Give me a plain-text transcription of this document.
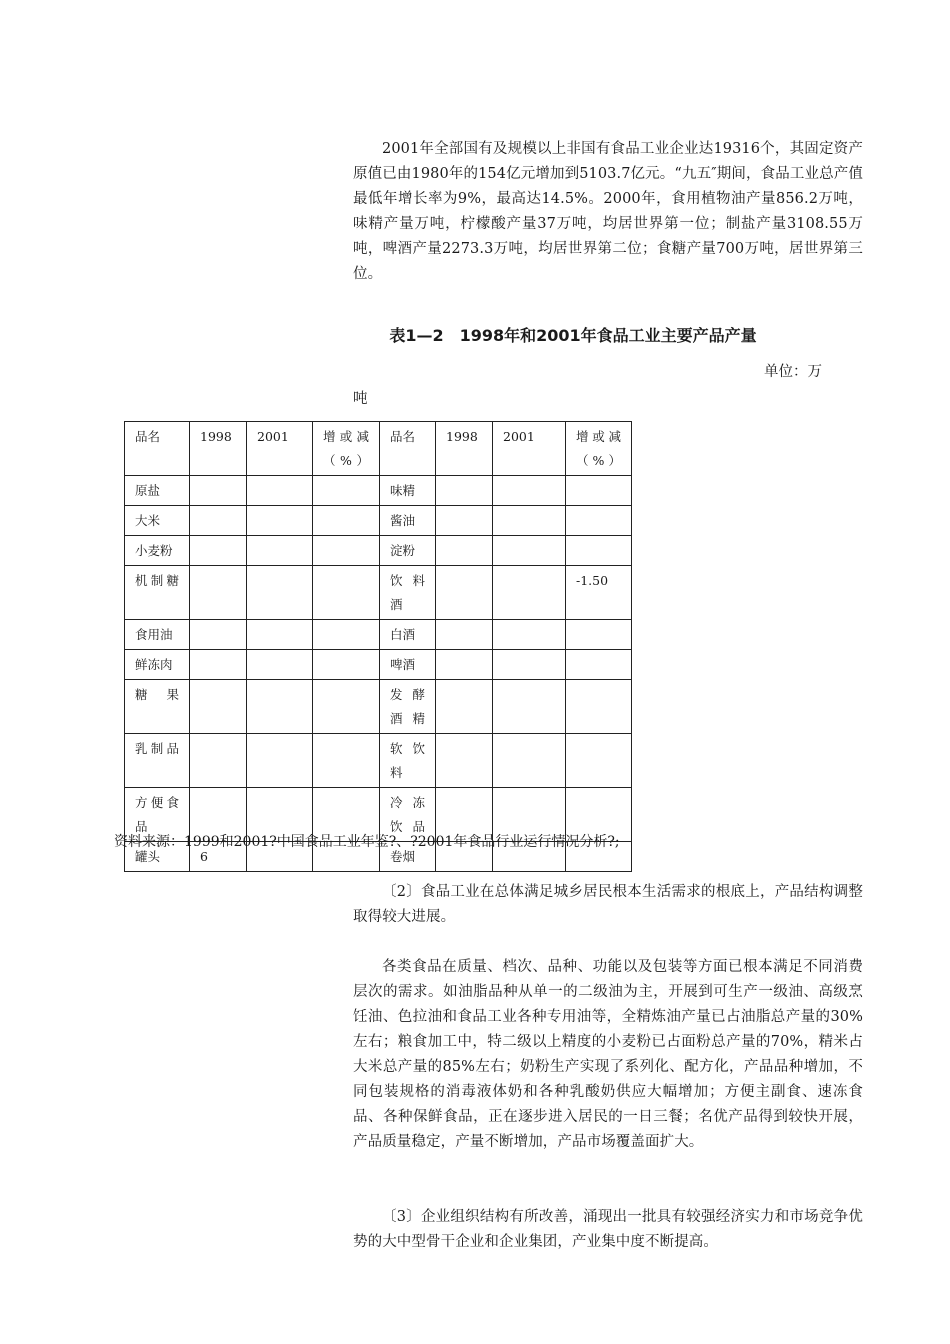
2001年全部国有及规模以上非国有食品工业企业达19316个，其固定资产原值已由1980年的154亿元增加到5103.7亿元。“九五″期间，食品工业总产值最低年增长率为9%，最高达14.5%。2000年，食用植物油产量856.2万吨，味精产量万吨，柠檬酸产量37万吨，均居世界第一位；制盐产量3108.55万吨，啤酒产量2273.3万吨，均居世界第二位；食糖产量700万吨，居世界第三位。

表1—2　1998年和2001年食品工业主要产品产量

单位：万
吨
品名	1998	2001	增或减（%）	品名	1998	2001	增或减（%）
原盐				味精			
大米				酱油			
小麦粉				淀粉			
机制糖				饮料酒			-1.50
食用油				白酒			
鲜冻肉				啤酒			
糖果				发酵酒精			
乳制品				软饮料			
方便食品				冷冻饮品			
罐头	6			卷烟			

资料来源：1999和2001?中国食品工业年鉴?、?2001年食品行业运行情况分析?;

〔2〕食品工业在总体满足城乡居民根本生活需求的根底上，产品结构调整取得较大进展。

各类食品在质量、档次、品种、功能以及包装等方面已根本满足不同消费层次的需求。如油脂品种从单一的二级油为主，开展到可生产一级油、高级烹饪油、色拉油和食品工业各种专用油等，全精炼油产量已占油脂总产量的30%左右；粮食加工中，特二级以上精度的小麦粉已占面粉总产量的70%，精米占大米总产量的85%左右；奶粉生产实现了系列化、配方化，产品品种增加，不同包装规格的消毒液体奶和各种乳酸奶供应大幅增加；方便主副食、速冻食品、各种保鲜食品，正在逐步进入居民的一日三餐；名优产品得到较快开展，产品质量稳定，产量不断增加，产品市场覆盖面扩大。

〔3〕企业组织结构有所改善，涌现出一批具有较强经济实力和市场竞争优势的大中型骨干企业和企业集团，产业集中度不断提高。
